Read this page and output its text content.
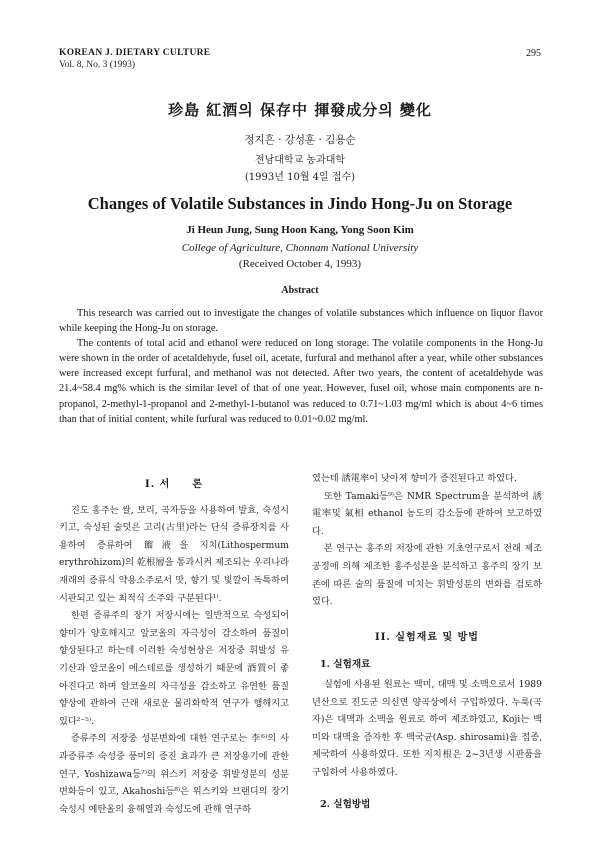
KOREAN J. DIETARY CULTURE
Vol. 8, No. 3 (1993)
295
珍島 紅酒의 保存中 揮發成分의 變化
정지흔 · 강성훈 · 김용순
전남대학교 농과대학
(1993년 10월 4일 접수)
Changes of Volatile Substances in Jindo Hong-Ju on Storage
Ji Heun Jung, Sung Hoon Kang, Yong Soon Kim
College of Agriculture, Chonnam National University
(Received October 4, 1993)
Abstract

This research was carried out to investigate the changes of volatile substances which influence on liquor flavor while keeping the Hong-Ju on storage.

The contents of total acid and ethanol were reduced on long storage. The volatile components in the Hong-Ju were shown in the order of acetaldehyde, fusel oil, acetate, furfural and methanol after a year, while other substances were increased except furfural, and methanol was not detected. After two years, the content of acetaldehyde was 21.4~58.4 mg% which is the similar level of that of one year. However, fusel oil, whose main components are n-propanol, 2-methyl-1-propanol and 2-methyl-1-butanol was reduced to 0.71~1.03 mg/ml which is about 4~6 times than that of initial content, while furfural was reduced to 0.01~0.02 mg/ml.

I. 서　　론

진도 홍주는 쌀, 보리, 곡자등을 사용하여 발효, 숙성시키고, 숙성된 술덧은 고리(古里)라는 단식 증류장치를 사용하여 증류하여 餾液을 지치(Lithospermum erythrohizom)의 乾根層을 통과시켜 제조되는 우리나라 재래의 증류식 약용소주로서 맛, 향기 및 빛깔이 독특하여 시판되고 있는 최적식 소주와 구분된다¹⁾.

한편 증류주의 장기 저장시에는 일반적으로 숙성되어 향미가 양호해지고 알코올의 자극성이 감소하여 품질이 향상된다고 하는데 이러한 숙성현상은 저장중 휘발성 유기산과 알코올이 에스테르를 생성하기 때문에 酒質이 좋아진다고 하며 알코올의 자극성을 감소하고 유연한 품질향상에 관하여 근래 새로운 물리화학적 연구가 행해지고 있다²⁻⁵⁾.

증류주의 저장중 성분변화에 대한 연구로는 李⁶⁾의 사과증류주 숙성중 풍미의 증진 효과가 큰 저장용기에 관한 연구, Yoshizawa등⁷⁾의 위스키 저장중 휘발성분의 성분 변화등이 있고, Akahoshi등⁸⁾은 위스키와 브랜디의 장기숙성시 예탄올의 융해열과 숙성도에 관해 연구하

였는데 誘電率이 낮아져 향미가 증진된다고 하였다.

또한 Tamaki등⁹⁾은 NMR Spectrum을 분석하여 誘電率및 氣相 ethanol 농도의 감소등에 관하여 보고하였다.

본 연구는 홍주의 저장에 관한 기초연구로서 전래 제조 공정에 의해 제조한 홍주성분을 분석하고 홍주의 장기 보존에 따른 술의 품질에 미치는 휘발성분의 변화를 검토하였다.

II. 실험재료 및 방법
1. 실험재료

실험에 사용된 원료는 백미, 대맥 및 소맥으로서 1989년산으로 진도군 의신면 양곡상에서 구입하였다. 누룩(곡자)은 대맥과 소맥을 원료로 하여 제조하였고, Koji는 백미와 대맥을 증자한 후 백국균(Asp. shirosami)을 접종, 제국하여 사용하였다. 또한 지치根은 2~3년생 시판품을 구입하여 사용하였다.

2. 실험방법
